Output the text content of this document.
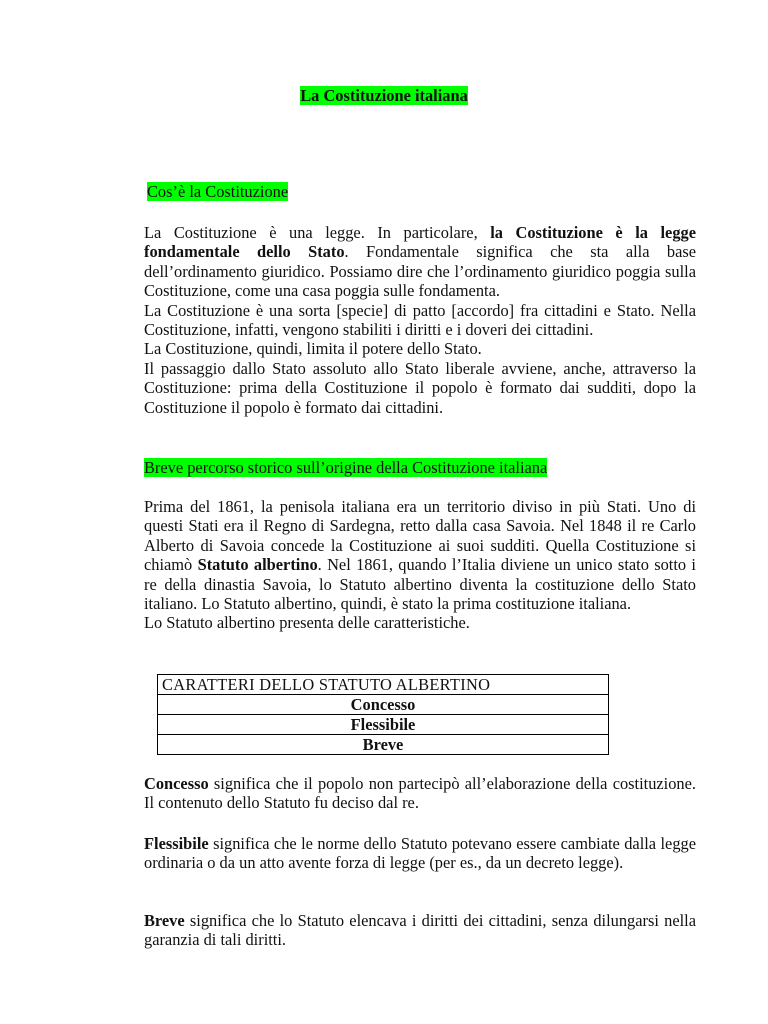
La Costituzione italiana
Cos’è la Costituzione
La Costituzione è una legge. In particolare, la Costituzione è la legge fondamentale dello Stato. Fondamentale significa che sta alla base dell’ordinamento giuridico. Possiamo dire che l’ordinamento giuridico poggia sulla Costituzione, come una casa poggia sulle fondamenta.
La Costituzione è una sorta [specie] di patto [accordo] fra cittadini e Stato. Nella Costituzione, infatti, vengono stabiliti i diritti e i doveri dei cittadini.
La Costituzione, quindi, limita il potere dello Stato.
Il passaggio dallo Stato assoluto allo Stato liberale avviene, anche, attraverso la Costituzione: prima della Costituzione il popolo è formato dai sudditi, dopo la Costituzione il popolo è formato dai cittadini.
Breve percorso storico sull’origine della Costituzione italiana
Prima del 1861, la penisola italiana era un territorio diviso in più Stati. Uno di questi Stati era il Regno di Sardegna, retto dalla casa Savoia. Nel 1848 il re Carlo Alberto di Savoia concede la Costituzione ai suoi sudditi. Quella Costituzione si chiamò Statuto albertino. Nel 1861, quando l’Italia diviene un unico stato sotto i re della dinastia Savoia, lo Statuto albertino diventa la costituzione dello Stato italiano. Lo Statuto albertino, quindi, è stato la prima costituzione italiana.
Lo Statuto albertino presenta delle caratteristiche.
CARATTERI DELLO STATUTO ALBERTINO
Concesso
Flessibile
Breve
Concesso significa che il popolo non partecipò all’elaborazione della costituzione. Il contenuto dello Statuto fu deciso dal re.
Flessibile significa che le norme dello Statuto potevano essere cambiate dalla legge ordinaria o da un atto avente forza di legge (per es., da un decreto legge).
Breve significa che lo Statuto elencava i diritti dei cittadini, senza dilungarsi nella garanzia di tali diritti.
